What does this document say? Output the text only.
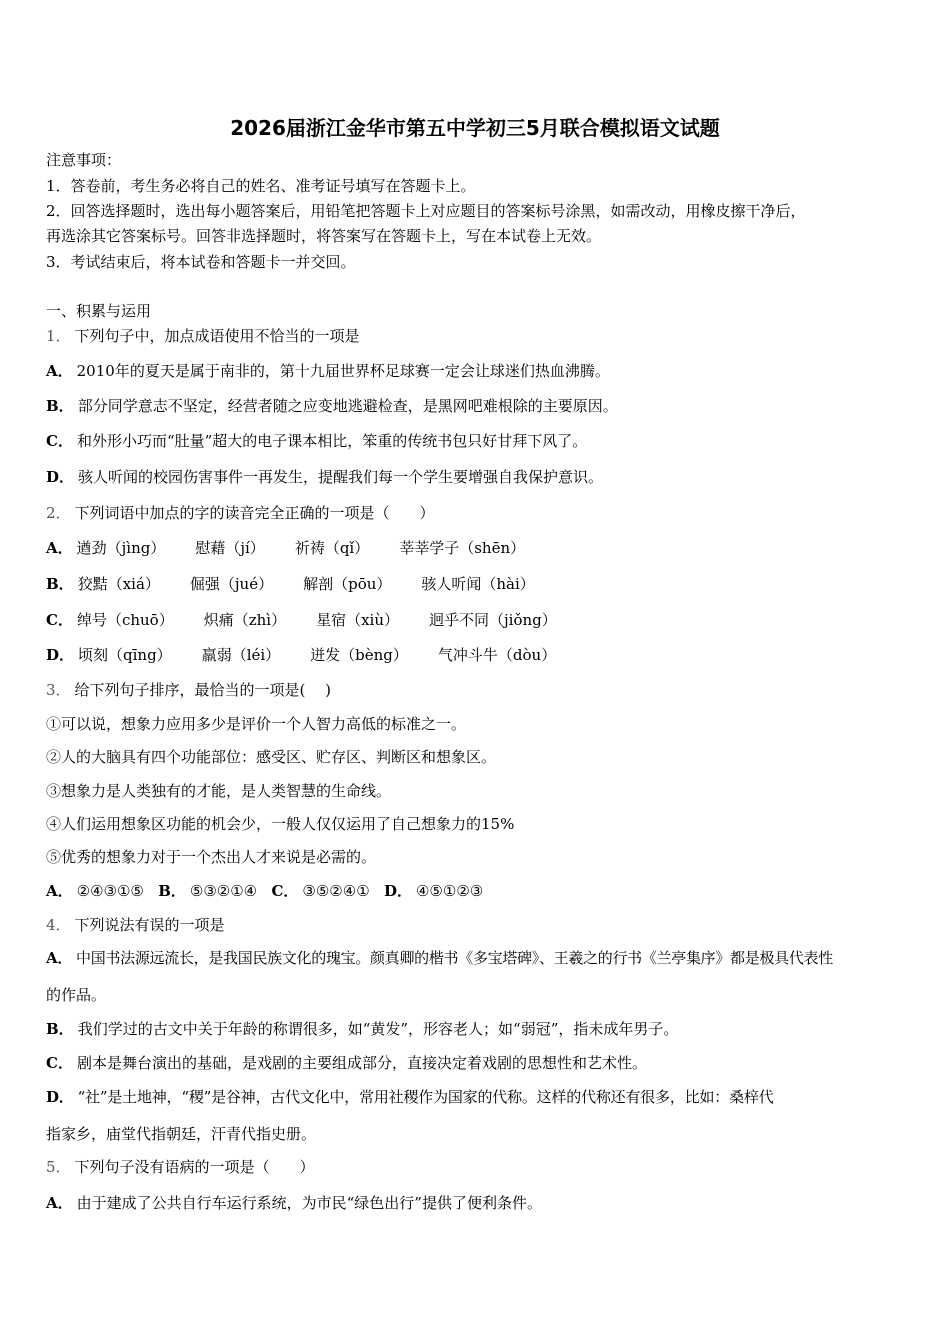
2026届浙江金华市第五中学初三5月联合模拟语文试题
注意事项：
1．答卷前，考生务必将自己的姓名、准考证号填写在答题卡上。
2．回答选择题时，选出每小题答案后，用铅笔把答题卡上对应题目的答案标号涂黑，如需改动，用橡皮擦干净后，
再选涂其它答案标号。回答非选择题时，将答案写在答题卡上，写在本试卷上无效。
3．考试结束后，将本试卷和答题卡一并交回。
一、积累与运用
1． 下列句子中，加点成语使用不恰当的一项是
A． 2010年的夏天是属于南非的，第十九届世界杯足球赛一定会让球迷们热血沸腾。
B． 部分同学意志不坚定，经营者随之应变地逃避检查，是黑网吧难根除的主要原因。
C． 和外形小巧而“肚量”超大的电子课本相比，笨重的传统书包只好甘拜下风了。
D． 骇人听闻的校园伤害事件一再发生，提醒我们每一个学生要增强自我保护意识。
2． 下列词语中加点的字的读音完全正确的一项是（　　）
A． 遒劲（jìng） 慰藉（jí） 祈祷（qǐ） 莘莘学子（shēn）
B． 狡黠（xiá） 倔强（jué） 解剖（pōu） 骇人听闻（hài）
C． 绰号（chuō） 炽痛（zhì） 星宿（xiù） 迥乎不同（jiǒng）
D． 顷刻（qīng） 羸弱（léi） 迸发（bèng） 气冲斗牛（dòu）
3． 给下列句子排序，最恰当的一项是(　 )
①可以说，想象力应用多少是评价一个人智力高低的标准之一。
②人的大脑具有四个功能部位：感受区、贮存区、判断区和想象区。
③想象力是人类独有的才能，是人类智慧的生命线。
④人们运用想象区功能的机会少，一般人仅仅运用了自己想象力的15%
⑤优秀的想象力对于一个杰出人才来说是必需的。
A． ②④③①⑤ B． ⑤③②①④ C． ③⑤②④① D． ④⑤①②③
4． 下列说法有误的一项是
A． 中国书法源远流长，是我国民族文化的瑰宝。颜真卿的楷书《多宝塔碑》、王羲之的行书《兰亭集序》都是极具代表性
的作品。
B． 我们学过的古文中关于年龄的称谓很多，如“黄发”，形容老人；如“弱冠”，指未成年男子。
C． 剧本是舞台演出的基础，是戏剧的主要组成部分，直接决定着戏剧的思想性和艺术性。
D． “社”是土地神，“稷”是谷神，古代文化中，常用社稷作为国家的代称。这样的代称还有很多，比如：桑梓代
指家乡，庙堂代指朝廷，汗青代指史册。
5． 下列句子没有语病的一项是（　　）
A． 由于建成了公共自行车运行系统，为市民“绿色出行”提供了便利条件。
